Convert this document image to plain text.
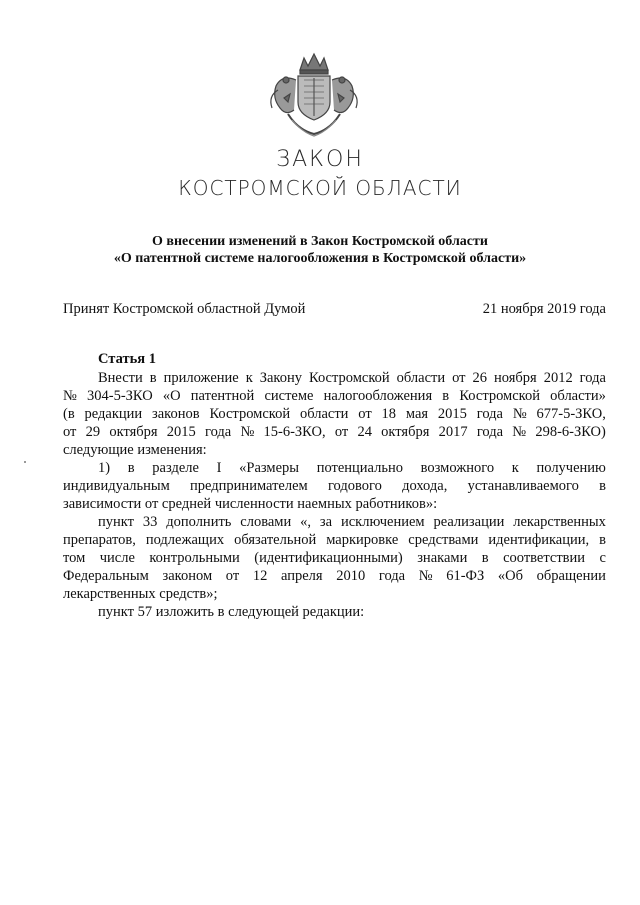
ЗАКОН
КОСТРОМСКОЙ ОБЛАСТИ
О внесении изменений в Закон Костромской области
«О патентной системе налогообложения в Костромской области»
Принят Костромской областной Думой	21 ноября 2019 года
Статья 1
Внести в приложение к Закону Костромской области от 26 ноября 2012 года
№ 304-5-ЗКО «О патентной системе налогообложения в Костромской области»
(в редакции законов Костромской области от 18 мая 2015 года № 677-5-ЗКО,
от 29 октября 2015 года № 15-6-ЗКО, от 24 октября 2017 года № 298-6-ЗКО)
следующие изменения:
1) в разделе I «Размеры потенциально возможного к получению
индивидуальным предпринимателем годового дохода, устанавливаемого в
зависимости от средней численности наемных работников»:
пункт 33 дополнить словами «, за исключением реализации лекарственных
препаратов, подлежащих обязательной маркировке средствами идентификации, в
том числе контрольными (идентификационными) знаками в соответствии с
Федеральным законом от 12 апреля 2010 года № 61-ФЗ «Об обращении
лекарственных средств»;
пункт 57 изложить в следующей редакции:
